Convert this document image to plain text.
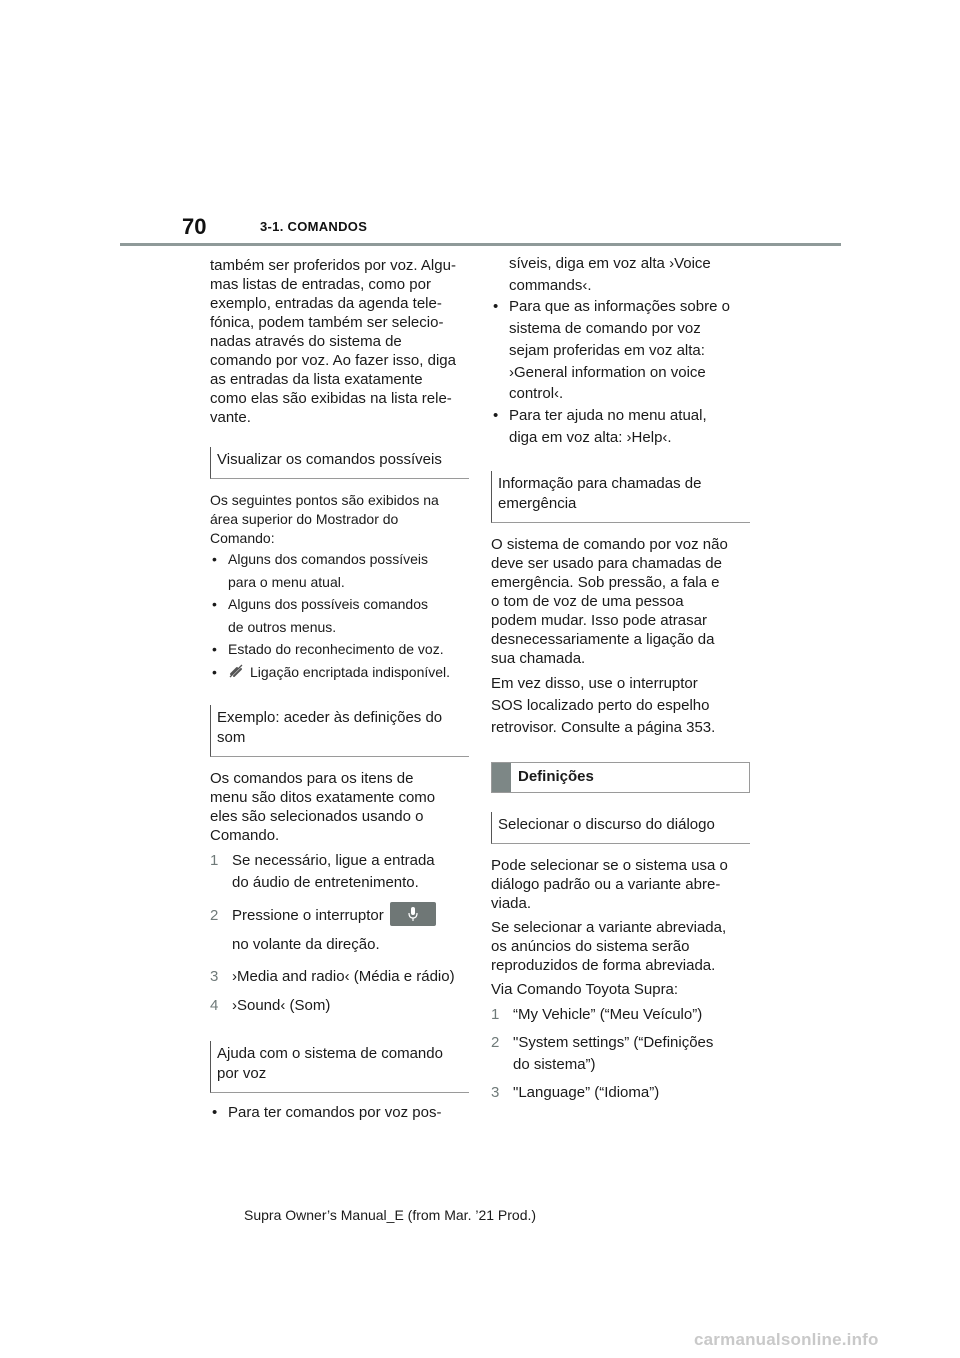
70	3-1. COMANDOS

também ser proferidos por voz. Algu-

mas listas de entradas, como por

exemplo, entradas da agenda tele-

fónica, podem também ser selecio-

nadas através do sistema de

comando por voz. Ao fazer isso, diga

as entradas da lista exatamente

como elas são exibidas na lista rele-

vante.

Visualizar os comandos possíveis

Os seguintes pontos são exibidos na

área superior do Mostrador do

Comando:

• Alguns dos comandos possíveis
para o menu atual.
• Alguns dos possíveis comandos
de outros menus.
• Estado do reconhecimento de voz.
• Ligação encriptada indisponível.
Exemplo: aceder às definições do
som

Os comandos para os itens de

menu são ditos exatamente como

eles são selecionados usando o

Comando.

1 Se necessário, ligue a entrada
do áudio de entretenimento.
2 Pressione o interruptor

no volante da direção.
3 ›Media and radio‹ (Média e rádio)
4 ›Sound‹ (Som)
Ajuda com o sistema de comando
por voz
• Para ter comandos por voz pos-

síveis, diga em voz alta ›Voice

commands‹.

• Para que as informações sobre o
sistema de comando por voz
sejam proferidas em voz alta:
›General information on voice
control‹.
• Para ter ajuda no menu atual,
diga em voz alta: ›Help‹.
Informação para chamadas de
emergência

O sistema de comando por voz não

deve ser usado para chamadas de

emergência. Sob pressão, a fala e

o tom de voz de uma pessoa

podem mudar. Isso pode atrasar

desnecessariamente a ligação da

sua chamada.

Em vez disso, use o interruptor

SOS localizado perto do espelho

retrovisor. Consulte a página 353.

Definições
Selecionar o discurso do diálogo

Pode selecionar se o sistema usa o

diálogo padrão ou a variante abre-

viada.

Se selecionar a variante abreviada,

os anúncios do sistema serão

reproduzidos de forma abreviada.

Via Comando Toyota Supra:

1 “My Vehicle” (“Meu Veículo”)
2 "System settings” (“Definições
do sistema”)
3 "Language” (“Idioma”)
Supra Owner’s Manual_E (from Mar. ’21 Prod.)
carmanualsonline.info
